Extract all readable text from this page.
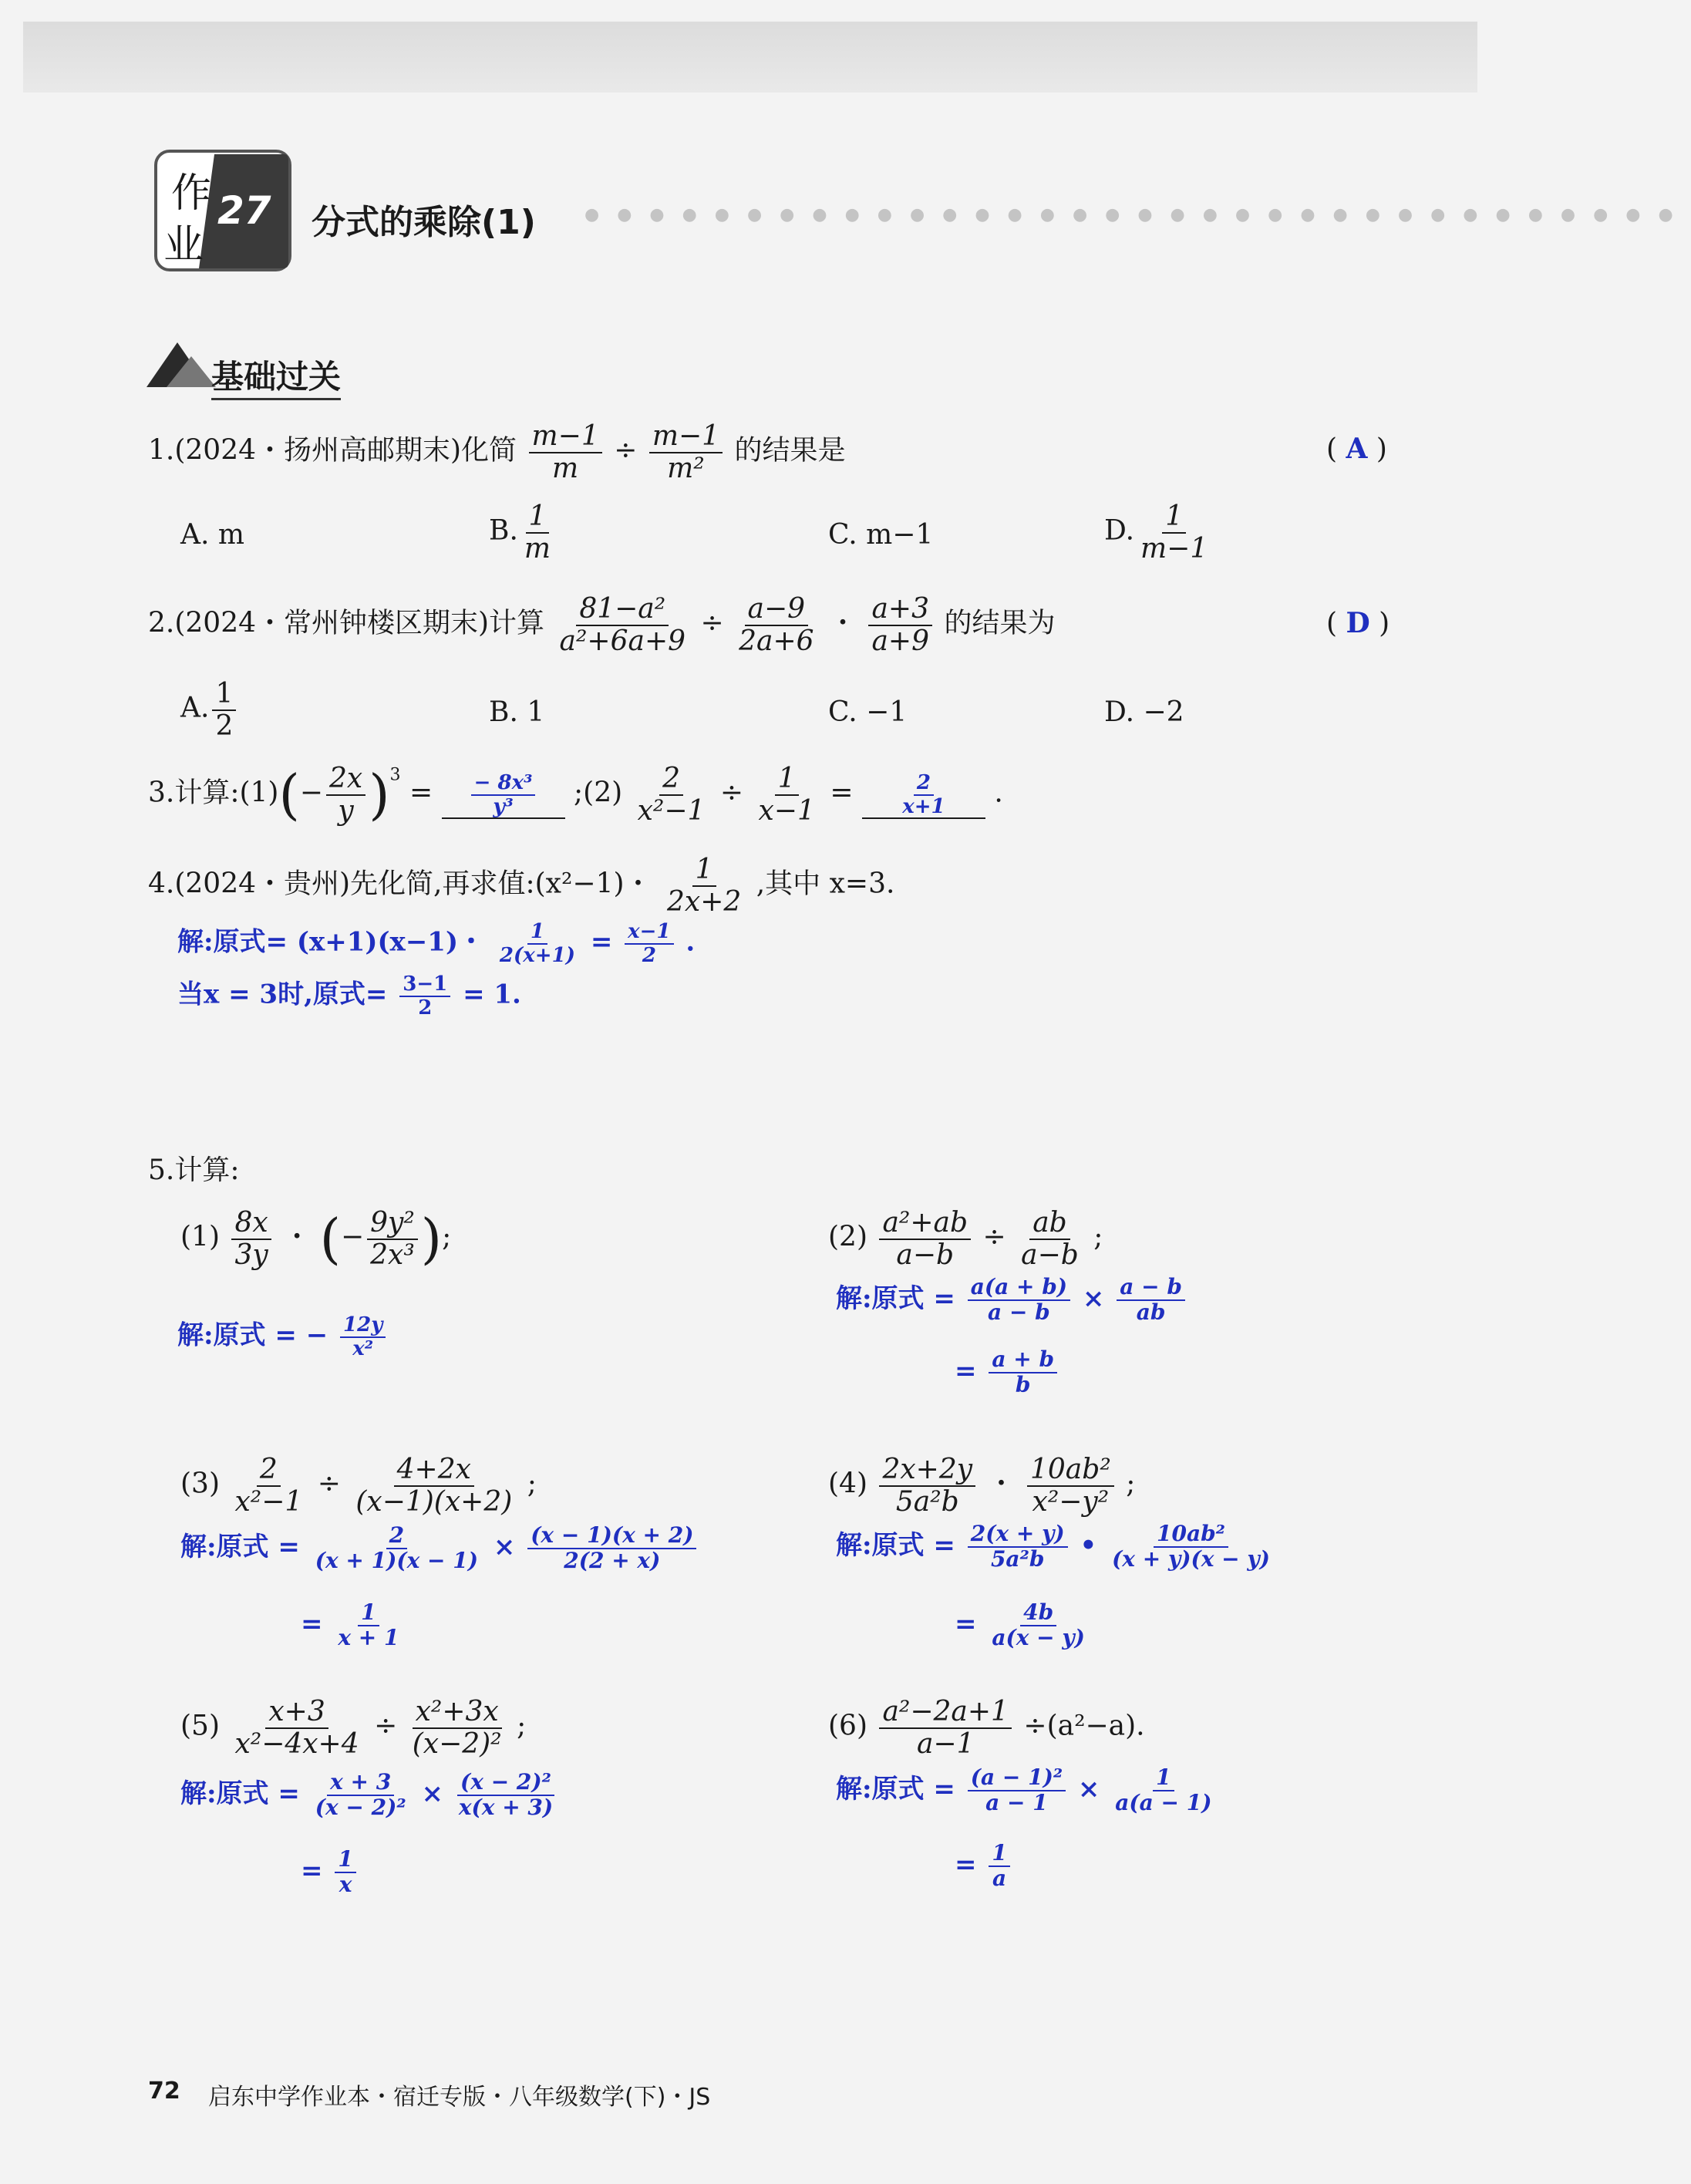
作
业
27 分式的乘除(1)	●●●●●●●●●●●●●●●●●●●●●●●●●●●●●●●●●●
基础过关
1.(2024・扬州高邮期末)化简 $\frac{m-1}{m} \div \frac{m-1}{\text{m²}}$ 的结果是	( A )
A. m	B. $\frac{1}{m}$	C. m−1	D. $\frac{1}{m-1}$
2.(2024・常州钟楼区期末)计算 $\frac{\text{81−a²}}{\text{a²+6a+9}} \div \frac{a-9}{2a+6}$ ・ $\frac{a+3}{a+9}$ 的结果为	( D )
A. $\frac{1}{2}$	B. 1	C. −1	D. −2
3.计算:(1)(− $\frac{2x}{y} )^3 = \frac{\text{− 8x³}}{\text{y³}}$ ;(2) $\frac{2}{\text{x²−1}} \div \frac{1}{x-1} = \frac{2}{x+1}$ .
4.(2024・贵州)先化简,再求值:(x²−1)・ $\frac{1}{2x+2}$ ,其中 x=3.
解:原式= (x+1)(x−1)・ $\frac{1}{2(x+1)} = \frac{x-1}{2}$ .
当x = 3时,原式= $\frac{3-1}{2} = 1$.
5.计算:
$(1) \frac{8x}{3y}$ ・ (− $\frac{\text{9y²}}{\text{2x³}}$ );
解:原式 = − $\frac{12y}{\text{x²}}$
$(2) \frac{\text{a²+ab}}{a-b} \div \frac{ab}{a-b}$ ;
解:原式 = $\frac{a(a + b)}{a - b} \times \frac{a - b}{ab}$
= $\frac{a + b}{b}$
$(3) \frac{2}{\text{x²−1}} \div \frac{4+2x}{(x-1)(x+2)}$ ;
解:原式 = $\frac{2}{(x + 1)(x - 1)} \times \frac{(x - 1)(x + 2)}{2(2 + x)}$
= $\frac{1}{x + 1}$
$(4) \frac{2x+2y}{\text{5a²b}}$ ・ $\frac{\text{10ab²}}{\text{x²−y²}}$ ;
解:原式 = $\frac{2(x + y)}{\text{5a²b}}$ • $\frac{\text{10ab²}}{(x + y)(x - y)}$
= $\frac{4b}{a(x - y)}$
$(5) \frac{x+3}{\text{x²−4x+4}} \div \frac{\text{x²+3x}}{\text{(x−2)²}}$ ;
解:原式 = $\frac{x + 3}{\text{(x − 2)²}} \times \frac{\text{(x − 2)²}}{x(x + 3)}$
= $\frac{1}{x}$
$(6) \frac{\text{a²−2a+1}}{a-1} \div(a^2-a)$.
解:原式 = $\frac{\text{(a − 1)²}}{a - 1} \times \frac{1}{a(a - 1)}$
= $\frac{1}{a}$
72 启东中学作业本・宿迁专版・八年级数学(下)・JS
